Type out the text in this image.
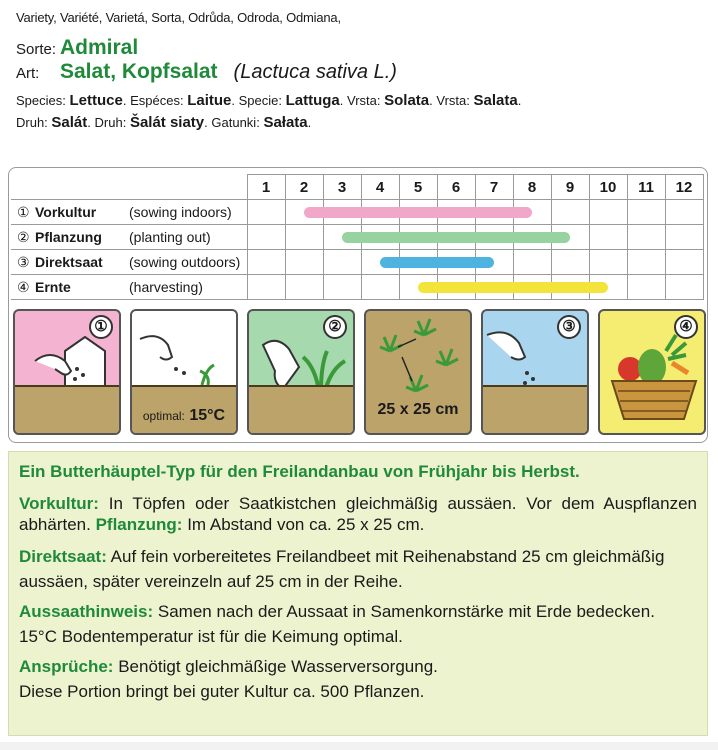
Variety, Variété, Varietá, Sorta, Odrůda, Odroda, Odmiana,
Sorte: Admiral
Art: Salat, Kopfsalat (Lactuca sativa L.)
Species: Lettuce. Espéces: Laitue. Specie: Lattuga. Vrsta: Solata. Vrsta: Salata.
Druh: Salát. Druh: Šalát siaty. Gatunki: Sałata.
	1	2	3	4	5	6	7	8	9	10	11	12
① Vorkultur (sowing indoors)												

② Pflanzung (planting out)												

③ Direktsaat (sowing outdoors)												

④ Ernte (harvesting)												

①
optimal: 15°C
②
25 x 25 cm
③	④

Ein Butterhäuptel-Typ für den Freilandanbau von Frühjahr bis Herbst.

Vorkultur: In Töpfen oder Saatkistchen gleichmäßig aussäen. Vor dem Auspflanzen abhärten. Pflanzung: Im Abstand von ca. 25 x 25 cm.

Direktsaat: Auf fein vorbereitetes Freilandbeet mit Reihenabstand 25 cm gleichmäßig aussäen, später vereinzeln auf 25 cm in der Reihe.

Aussaathinweis: Samen nach der Aussaat in Samenkornstärke mit Erde bedecken. 15°C Bodentemperatur ist für die Keimung optimal.

Ansprüche: Benötigt gleichmäßige Wasserversorgung.

Diese Portion bringt bei guter Kultur ca. 500 Pflanzen.
